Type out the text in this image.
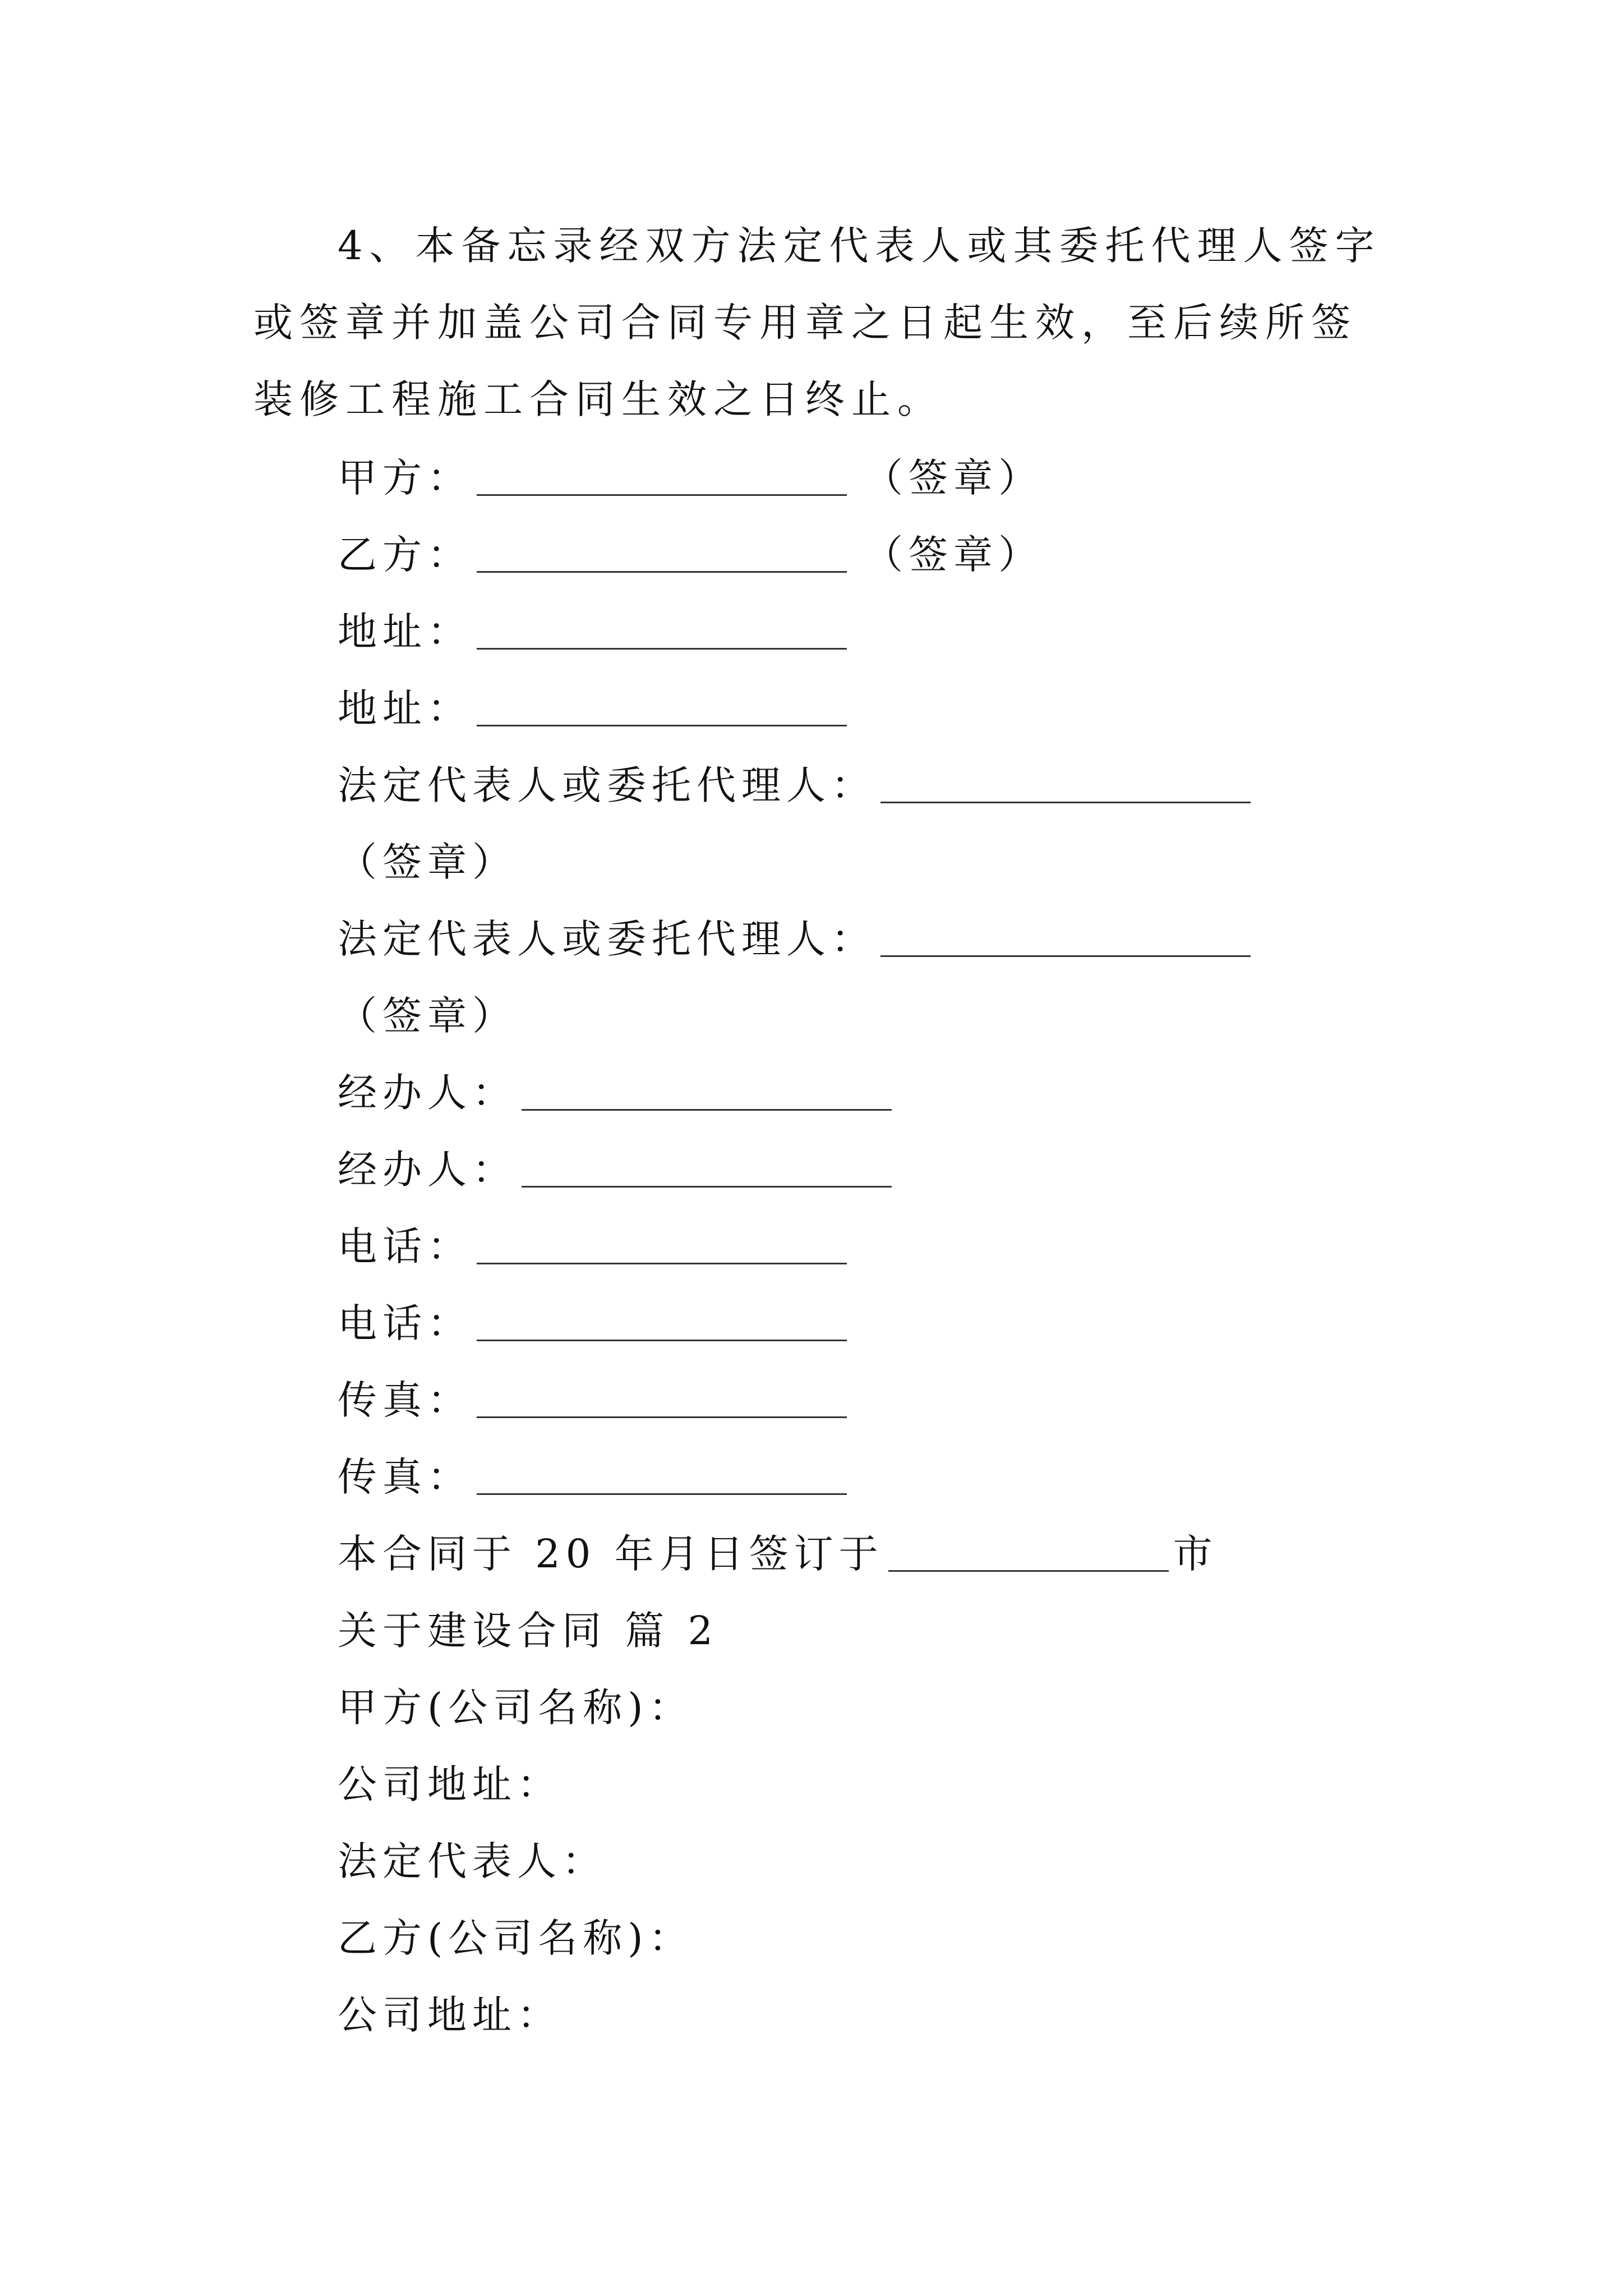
4、本备忘录经双方法定代表人或其委托代理人签字或签章并加盖公司合同专用章之日起生效，至后续所签装修工程施工合同生效之日终止。

甲方：	（签章）
乙方：	（签章）
地址：
地址：
法定代表人或委托代理人：
（签章）
法定代表人或委托代理人：
（签章）
经办人：
经办人：
电话：
电话：
传真：
传真：
本合同于 20 年月日签订于	市
关于建设合同 篇 2
甲方(公司名称)：
公司地址：
法定代表人：
乙方(公司名称)：
公司地址：
